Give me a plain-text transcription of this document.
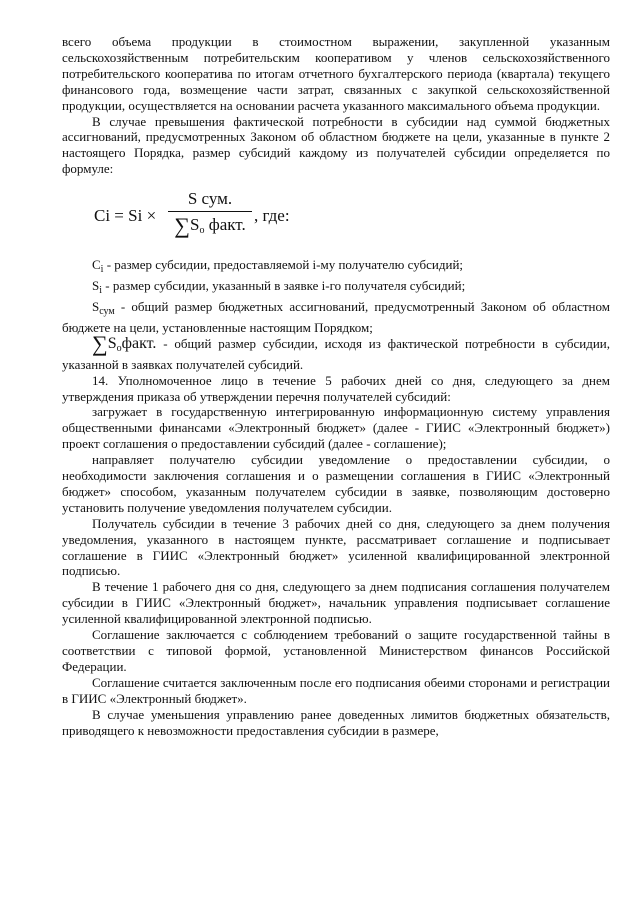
всего объема продукции в стоимостном выражении, закупленной указанным сельскохозяйственным потребительским кооперативом у членов сельскохозяйственного потребительского кооператива по итогам отчетного бухгалтерского периода (квартала) текущего финансового года, возмещение части затрат, связанных с закупкой сельскохозяйственной продукции, осуществляется на основании расчета указанного максимального объема продукции.

В случае превышения фактической потребности в субсидии над суммой бюджетных ассигнований, предусмотренных Законом об областном бюджете на цели, указанные в пункте 2 настоящего Порядка, размер субсидий каждому из получателей субсидии определяется по формуле:

Ci = Si ×
S сум.
$\sum S_о$ факт. , где:

$C_i$ - размер субсидии, предоставляемой i-му получателю субсидий;

$S_i$ - размер субсидии, указанный в заявке i-го получателя субсидий;

$S_{сум}$ - общий размер бюджетных ассигнований, предусмотренный Законом об областном бюджете на цели, установленные настоящим Порядком;

$\sum S_офакт$. - общий размер субсидии, исходя из фактической потребности в субсидии, указанной в заявках получателей субсидий.

14. Уполномоченное лицо в течение 5 рабочих дней со дня, следующего за днем утверждения приказа об утверждении перечня получателей субсидий:

загружает в государственную интегрированную информационную систему управления общественными финансами «Электронный бюджет» (далее - ГИИС «Электронный бюджет») проект соглашения о предоставлении субсидий (далее - соглашение);

направляет получателю субсидии уведомление о предоставлении субсидии, о необходимости заключения соглашения и о размещении соглашения в ГИИС «Электронный бюджет» способом, указанным получателем субсидии в заявке, позволяющим достоверно установить получение уведомления получателем субсидии.

Получатель субсидии в течение 3 рабочих дней со дня, следующего за днем получения уведомления, указанного в настоящем пункте, рассматривает соглашение и подписывает соглашение в ГИИС «Электронный бюджет» усиленной квалифицированной электронной подписью.

В течение 1 рабочего дня со дня, следующего за днем подписания соглашения получателем субсидии в ГИИС «Электронный бюджет», начальник управления подписывает соглашение усиленной квалифицированной электронной подписью.

Соглашение заключается с соблюдением требований о защите государственной тайны в соответствии с типовой формой, установленной Министерством финансов Российской Федерации.

Соглашение считается заключенным после его подписания обеими сторонами и регистрации в ГИИС «Электронный бюджет».

В случае уменьшения управлению ранее доведенных лимитов бюджетных обязательств, приводящего к невозможности предоставления субсидии в размере,
